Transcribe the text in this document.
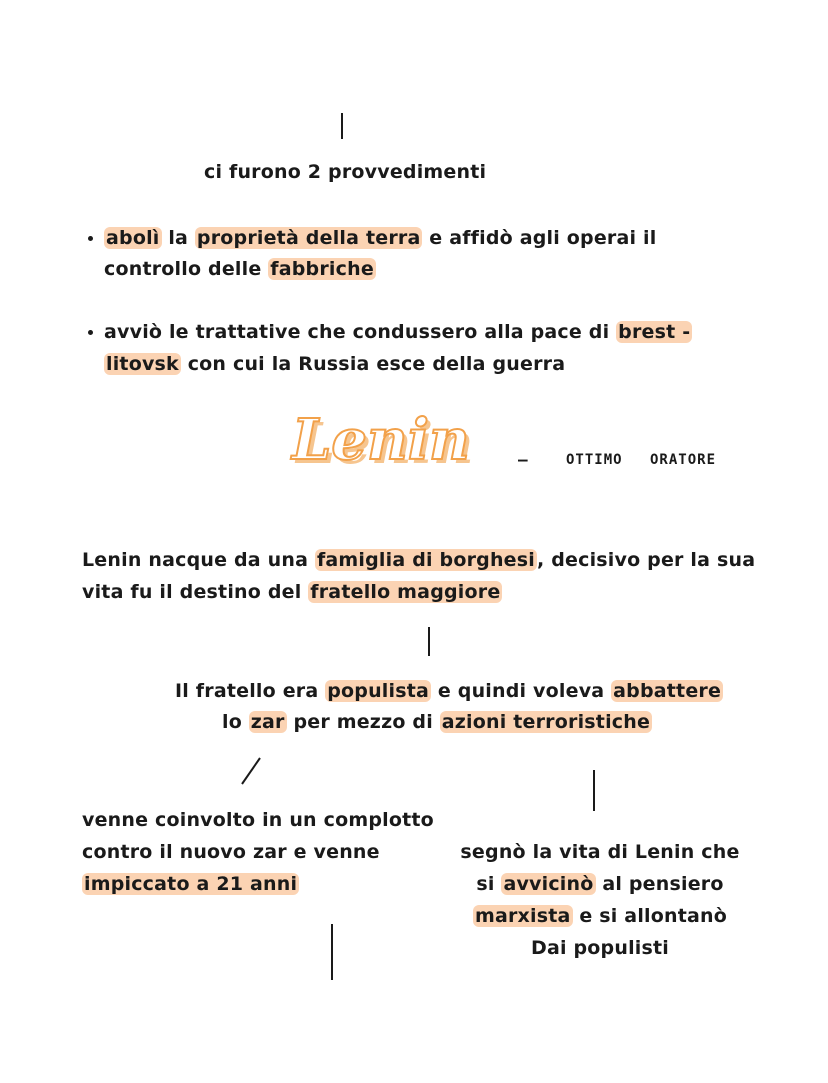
ci furono 2 provvedimenti
abolì la proprietà della terra e affidò agli operai il
controllo delle fabbriche
avviò le trattative che condussero alla pace di brest -
litovsk con cui la Russia esce della guerra
Lenin	—	OTTIMO ORATORE
Lenin nacque da una famiglia di borghesi , decisivo per la sua
vita fu il destino del fratello maggiore
Il fratello era populista e quindi voleva abbattere
lo zar per mezzo di azioni terroristiche
venne coinvolto in un complotto
contro il nuovo zar e venne
impiccato a 21 anni
segnò la vita di Lenin che
si avvicinò al pensiero
marxista e si allontanò
Dai populisti
